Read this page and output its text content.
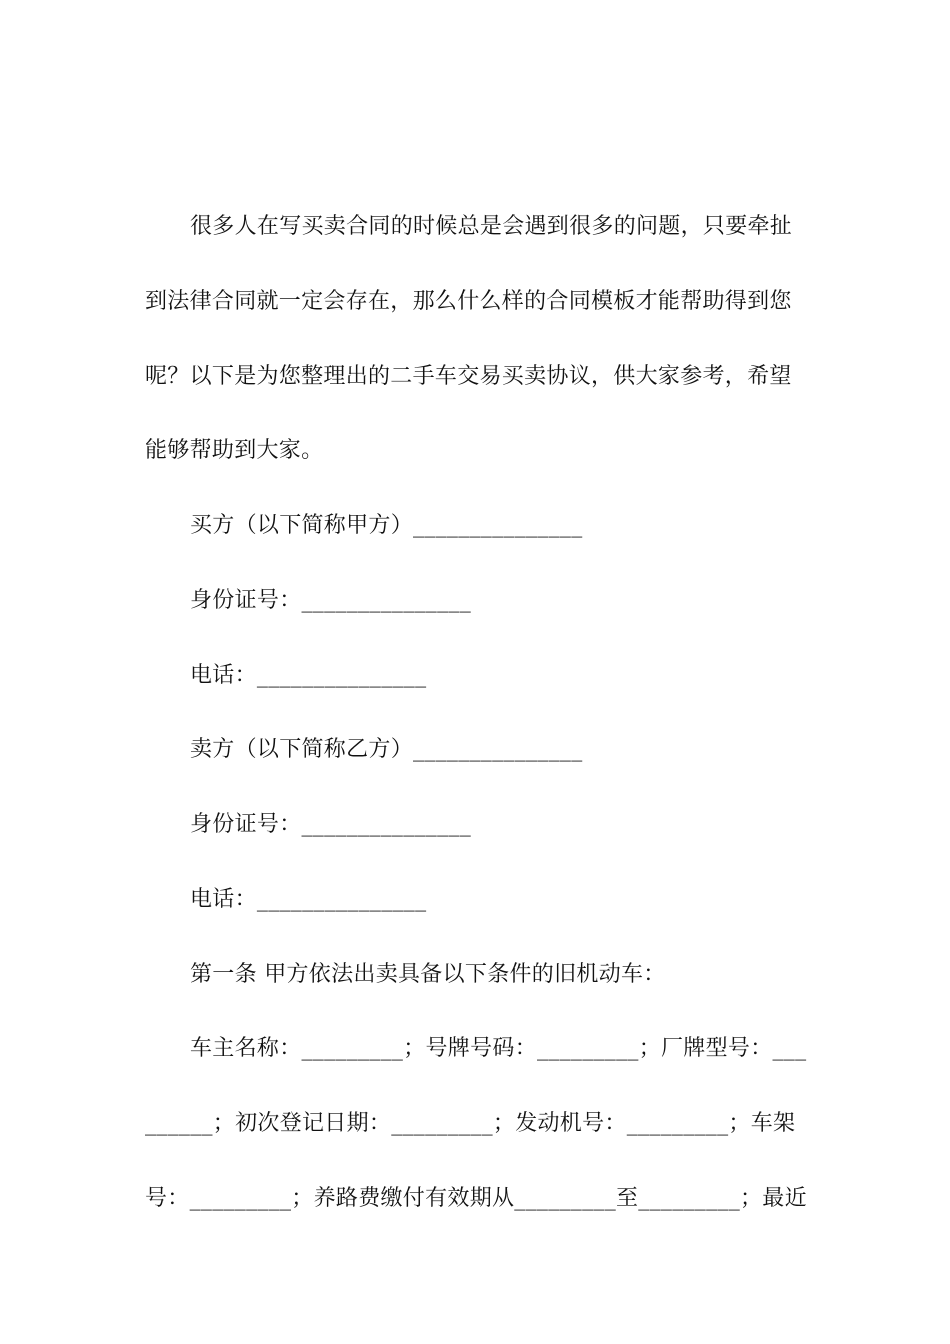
很多人在写买卖合同的时候总是会遇到很多的问题，只要牵扯
到法律合同就一定会存在，那么什么样的合同模板才能帮助得到您
呢？以下是为您整理出的二手车交易买卖协议，供大家参考，希望
能够帮助到大家。
买方（以下简称甲方）_______________
身份证号：_______________
电话：_______________
卖方（以下简称乙方）_______________
身份证号：_______________
电话：_______________
第一条 甲方依法出卖具备以下条件的旧机动车：
车主名称：_________；号牌号码：_________；厂牌型号：___
______；初次登记日期：_________；发动机号：_________；车架
号：_________；养路费缴付有效期从_________至_________；最近
